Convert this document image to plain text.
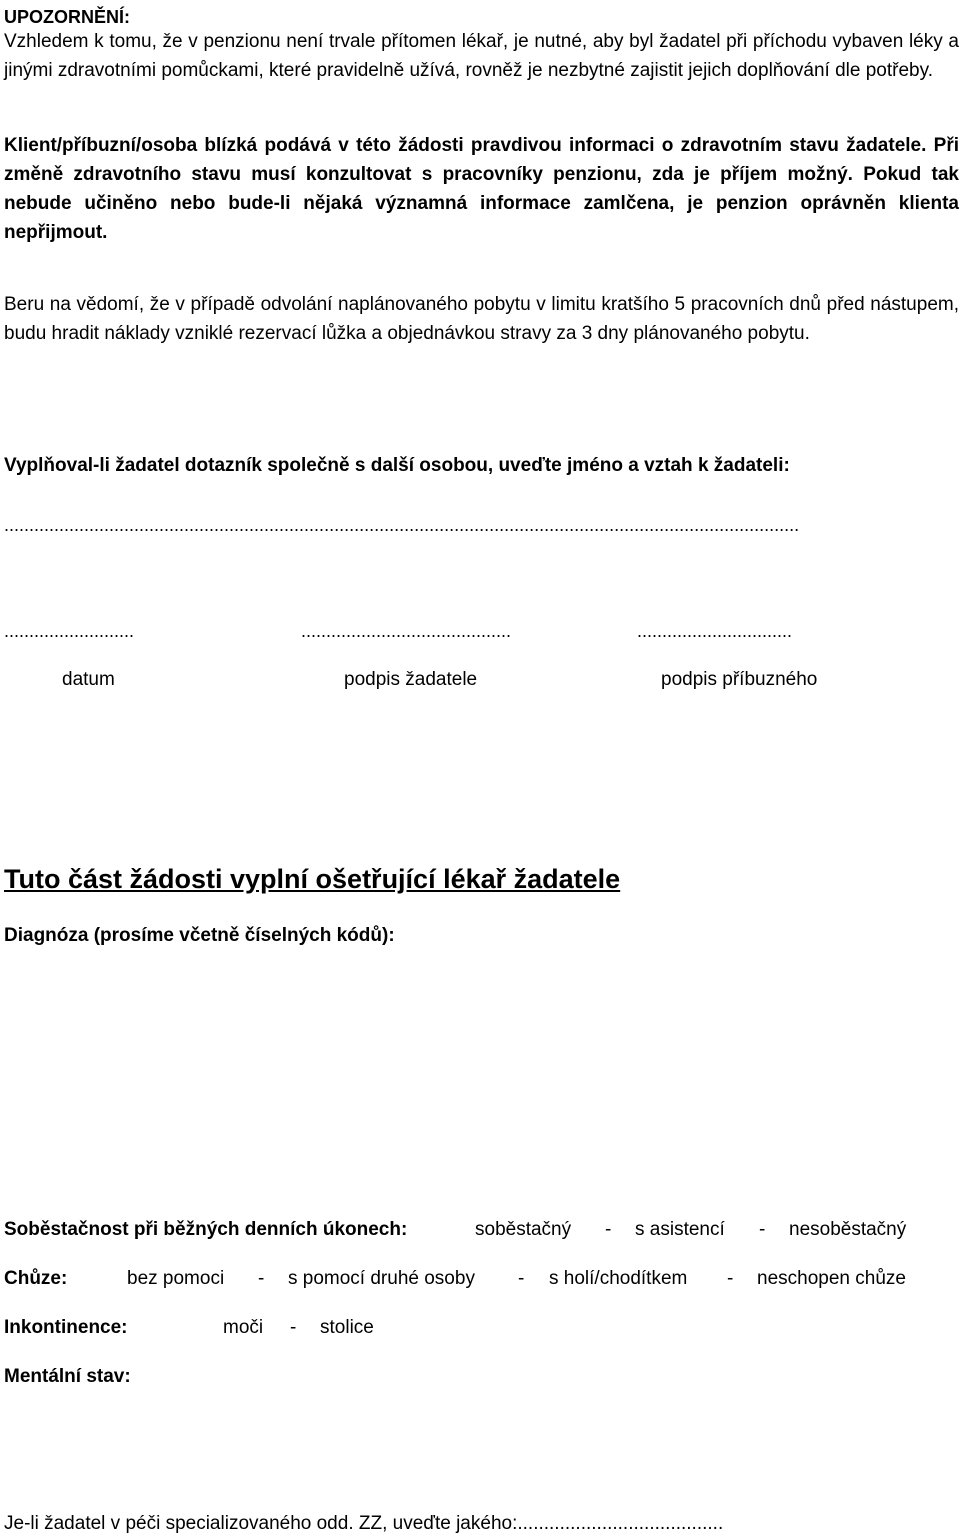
UPOZORNĚNÍ:
Vzhledem k tomu, že v penzionu není trvale přítomen lékař, je nutné, aby byl žadatel při příchodu vybaven léky a jinými zdravotními pomůckami, které pravidelně užívá, rovněž je nezbytné zajistit jejich doplňování dle potřeby.
Klient/příbuzní/osoba blízká podává v této žádosti pravdivou informaci o zdravotním stavu žadatele. Při změně zdravotního stavu musí konzultovat s pracovníky penzionu, zda je příjem možný. Pokud tak nebude učiněno nebo bude-li nějaká významná informace zamlčena, je penzion oprávněn klienta nepřijmout.
Beru na vědomí, že v případě odvolání naplánovaného pobytu v limitu kratšího 5 pracovních dnů před nástupem, budu hradit náklady vzniklé rezervací lůžka a objednávkou stravy za 3 dny plánovaného pobytu.
Vyplňoval-li žadatel dotazník společně s další osobou, uveďte jméno a vztah k žadateli:
...............................................................................................................................................................
..........................	..........................................	...............................
datum	podpis žadatele	podpis příbuzného
Tuto část žádosti vyplní ošetřující lékař žadatele
Diagnóza (prosíme včetně číselných kódů):
Soběstačnost při běžných denních úkonech:	soběstačný - s asistencí - nesoběstačný
Chůze:	bez pomoci - s pomocí druhé osoby - s holí/chodítkem - neschopen chůze
Inkontinence:	moči - stolice
Mentální stav:
Je-li žadatel v péči specializovaného odd. ZZ, uveďte jakého:.......................................
